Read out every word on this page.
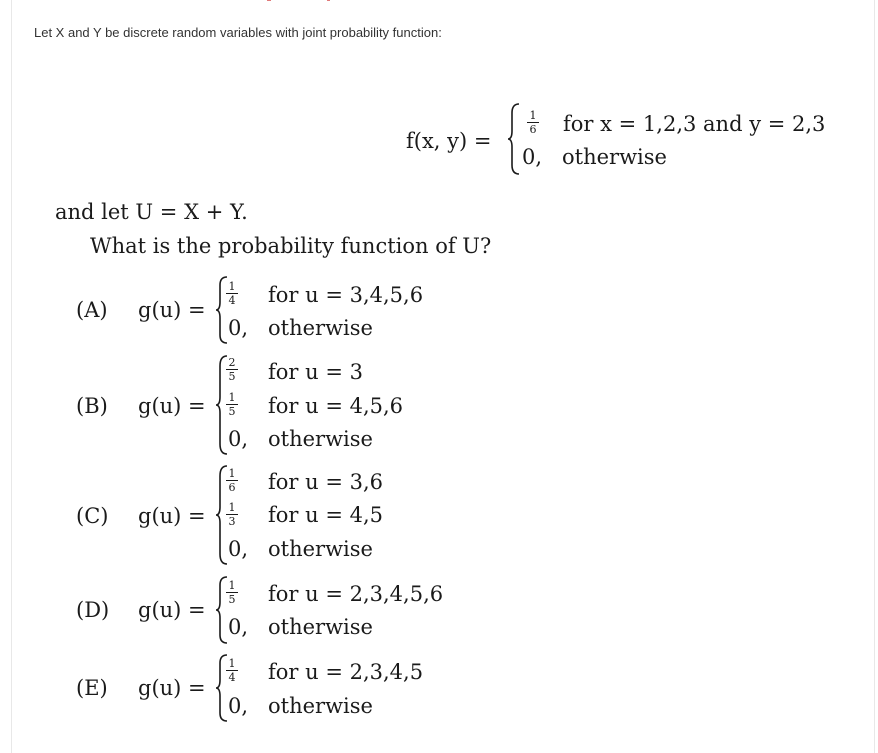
Let X and Y be discrete random variables with joint probability function:
f(x, y) =
$\frac{1}{6}$ for x = 1,2,3 and y = 2,3
0, otherwise
and let U = X + Y.
What is the probability function of U?
(A) g(u) =
$\frac{1}{4}$ for u = 3,4,5,6
0, otherwise
(B) g(u) =
$\frac{2}{5}$ for u = 3
$\frac{1}{5}$ for u = 4,5,6
0, otherwise
(C) g(u) =
$\frac{1}{6}$ for u = 3,6
$\frac{1}{3}$ for u = 4,5
0, otherwise
(D) g(u) =
$\frac{1}{5}$ for u = 2,3,4,5,6
0, otherwise
(E) g(u) =
$\frac{1}{4}$ for u = 2,3,4,5
0, otherwise
